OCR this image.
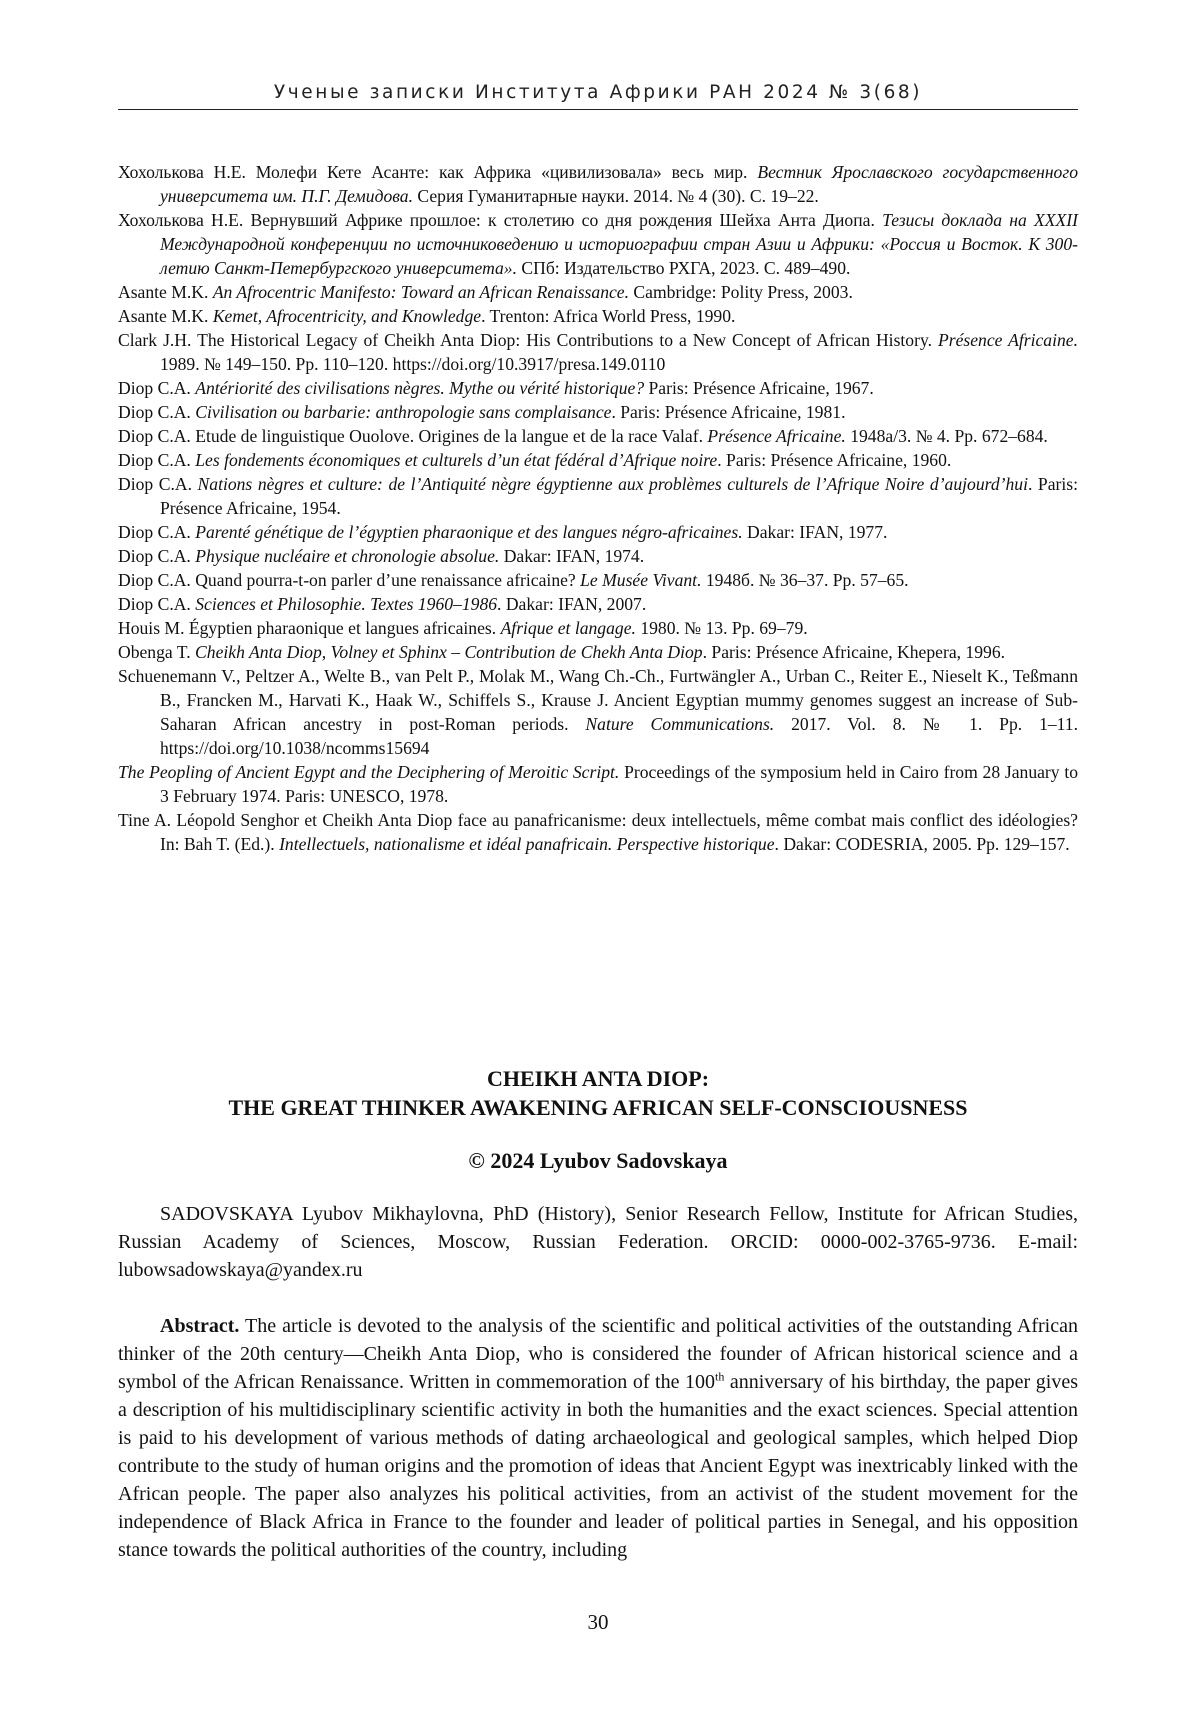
Ученые записки Института Африки РАН 2024 № 3(68)
Хохолькова Н.Е. Молефи Кете Асанте: как Африка «цивилизовала» весь мир. Вестник Ярославского государственного университета им. П.Г. Демидова. Серия Гуманитарные науки. 2014. № 4 (30). С. 19–22.
Хохолькова Н.Е. Вернувший Африке прошлое: к столетию со дня рождения Шейха Анта Диопа. Тезисы доклада на XXXII Международной конференции по источниковедению и историографии стран Азии и Африки: «Россия и Восток. К 300-летию Санкт-Петербургского университета». СПб: Издательство РХГА, 2023. С. 489–490.
Asante M.K. An Afrocentric Manifesto: Toward an African Renaissance. Cambridge: Polity Press, 2003.
Asante M.K. Kemet, Afrocentricity, and Knowledge. Trenton: Africa World Press, 1990.
Clark J.H. The Historical Legacy of Cheikh Anta Diop: His Contributions to a New Concept of African History. Présence Africaine. 1989. № 149–150. Pp. 110–120. https://doi.org/10.3917/presa.149.0110
Diop C.A. Antériorité des civilisations nègres. Mythe ou vérité historique? Paris: Présence Africaine, 1967.
Diop C.A. Civilisation ou barbarie: anthropologie sans complaisance. Paris: Présence Africaine, 1981.
Diop C.A. Etude de linguistique Ouolove. Origines de la langue et de la race Valaf. Présence Africaine. 1948a/3. № 4. Pp. 672–684.
Diop C.A. Les fondements économiques et culturels d’un état fédéral d’Afrique noire. Paris: Présence Africaine, 1960.
Diop C.A. Nations nègres et culture: de l’Antiquité nègre égyptienne aux problèmes culturels de l’Afrique Noire d’aujourd’hui. Paris: Présence Africaine, 1954.
Diop C.A. Parenté génétique de l’égyptien pharaonique et des langues négro-africaines. Dakar: IFAN, 1977.
Diop C.A. Physique nucléaire et chronologie absolue. Dakar: IFAN, 1974.
Diop C.A. Quand pourra-t-on parler d’une renaissance africaine? Le Musée Vivant. 1948б. № 36–37. Pp. 57–65.
Diop C.A. Sciences et Philosophie. Textes 1960–1986. Dakar: IFAN, 2007.
Houis M. Égyptien pharaonique et langues africaines. Afrique et langage. 1980. № 13. Pp. 69–79.
Obenga T. Cheikh Anta Diop, Volney et Sphinx – Contribution de Chekh Anta Diop. Paris: Présence Africaine, Khepera, 1996.
Schuenemann V., Peltzer A., Welte B., van Pelt P., Molak M., Wang Ch.-Ch., Furtwängler A., Urban C., Reiter E., Nieselt K., Teßmann B., Francken M., Harvati K., Haak W., Schiffels S., Krause J. Ancient Egyptian mummy genomes suggest an increase of Sub-Saharan African ancestry in post-Roman periods. Nature Communications. 2017. Vol. 8. № 1. Pp. 1–11. https://doi.org/10.1038/ncomms15694
The Peopling of Ancient Egypt and the Deciphering of Meroitic Script. Proceedings of the symposium held in Cairo from 28 January to 3 February 1974. Paris: UNESCO, 1978.
Tine A. Léopold Senghor et Cheikh Anta Diop face au panafricanisme: deux intellectuels, même combat mais conflict des idéologies? In: Bah T. (Ed.). Intellectuels, nationalisme et idéal panafricain. Perspective historique. Dakar: CODESRIA, 2005. Pp. 129–157.
CHEIKH ANTA DIOP:
THE GREAT THINKER AWAKENING AFRICAN SELF-CONSCIOUSNESS
© 2024 Lyubov Sadovskaya
SADOVSKAYA Lyubov Mikhaylovna, PhD (History), Senior Research Fellow, Institute for African Studies, Russian Academy of Sciences, Moscow, Russian Federation. ORCID: 0000-002-3765-9736. E-mail: lubowsadowskaya@yandex.ru
Abstract. The article is devoted to the analysis of the scientific and political activities of the outstanding African thinker of the 20th century—Cheikh Anta Diop, who is considered the founder of African historical science and a symbol of the African Renaissance. Written in commemoration of the 100th anniversary of his birthday, the paper gives a description of his multidisciplinary scientific activity in both the humanities and the exact sciences. Special attention is paid to his development of various methods of dating archaeological and geological samples, which helped Diop contribute to the study of human origins and the promotion of ideas that Ancient Egypt was inextricably linked with the African people. The paper also analyzes his political activities, from an activist of the student movement for the independence of Black Africa in France to the founder and leader of political parties in Senegal, and his opposition stance towards the political authorities of the country, including
30
